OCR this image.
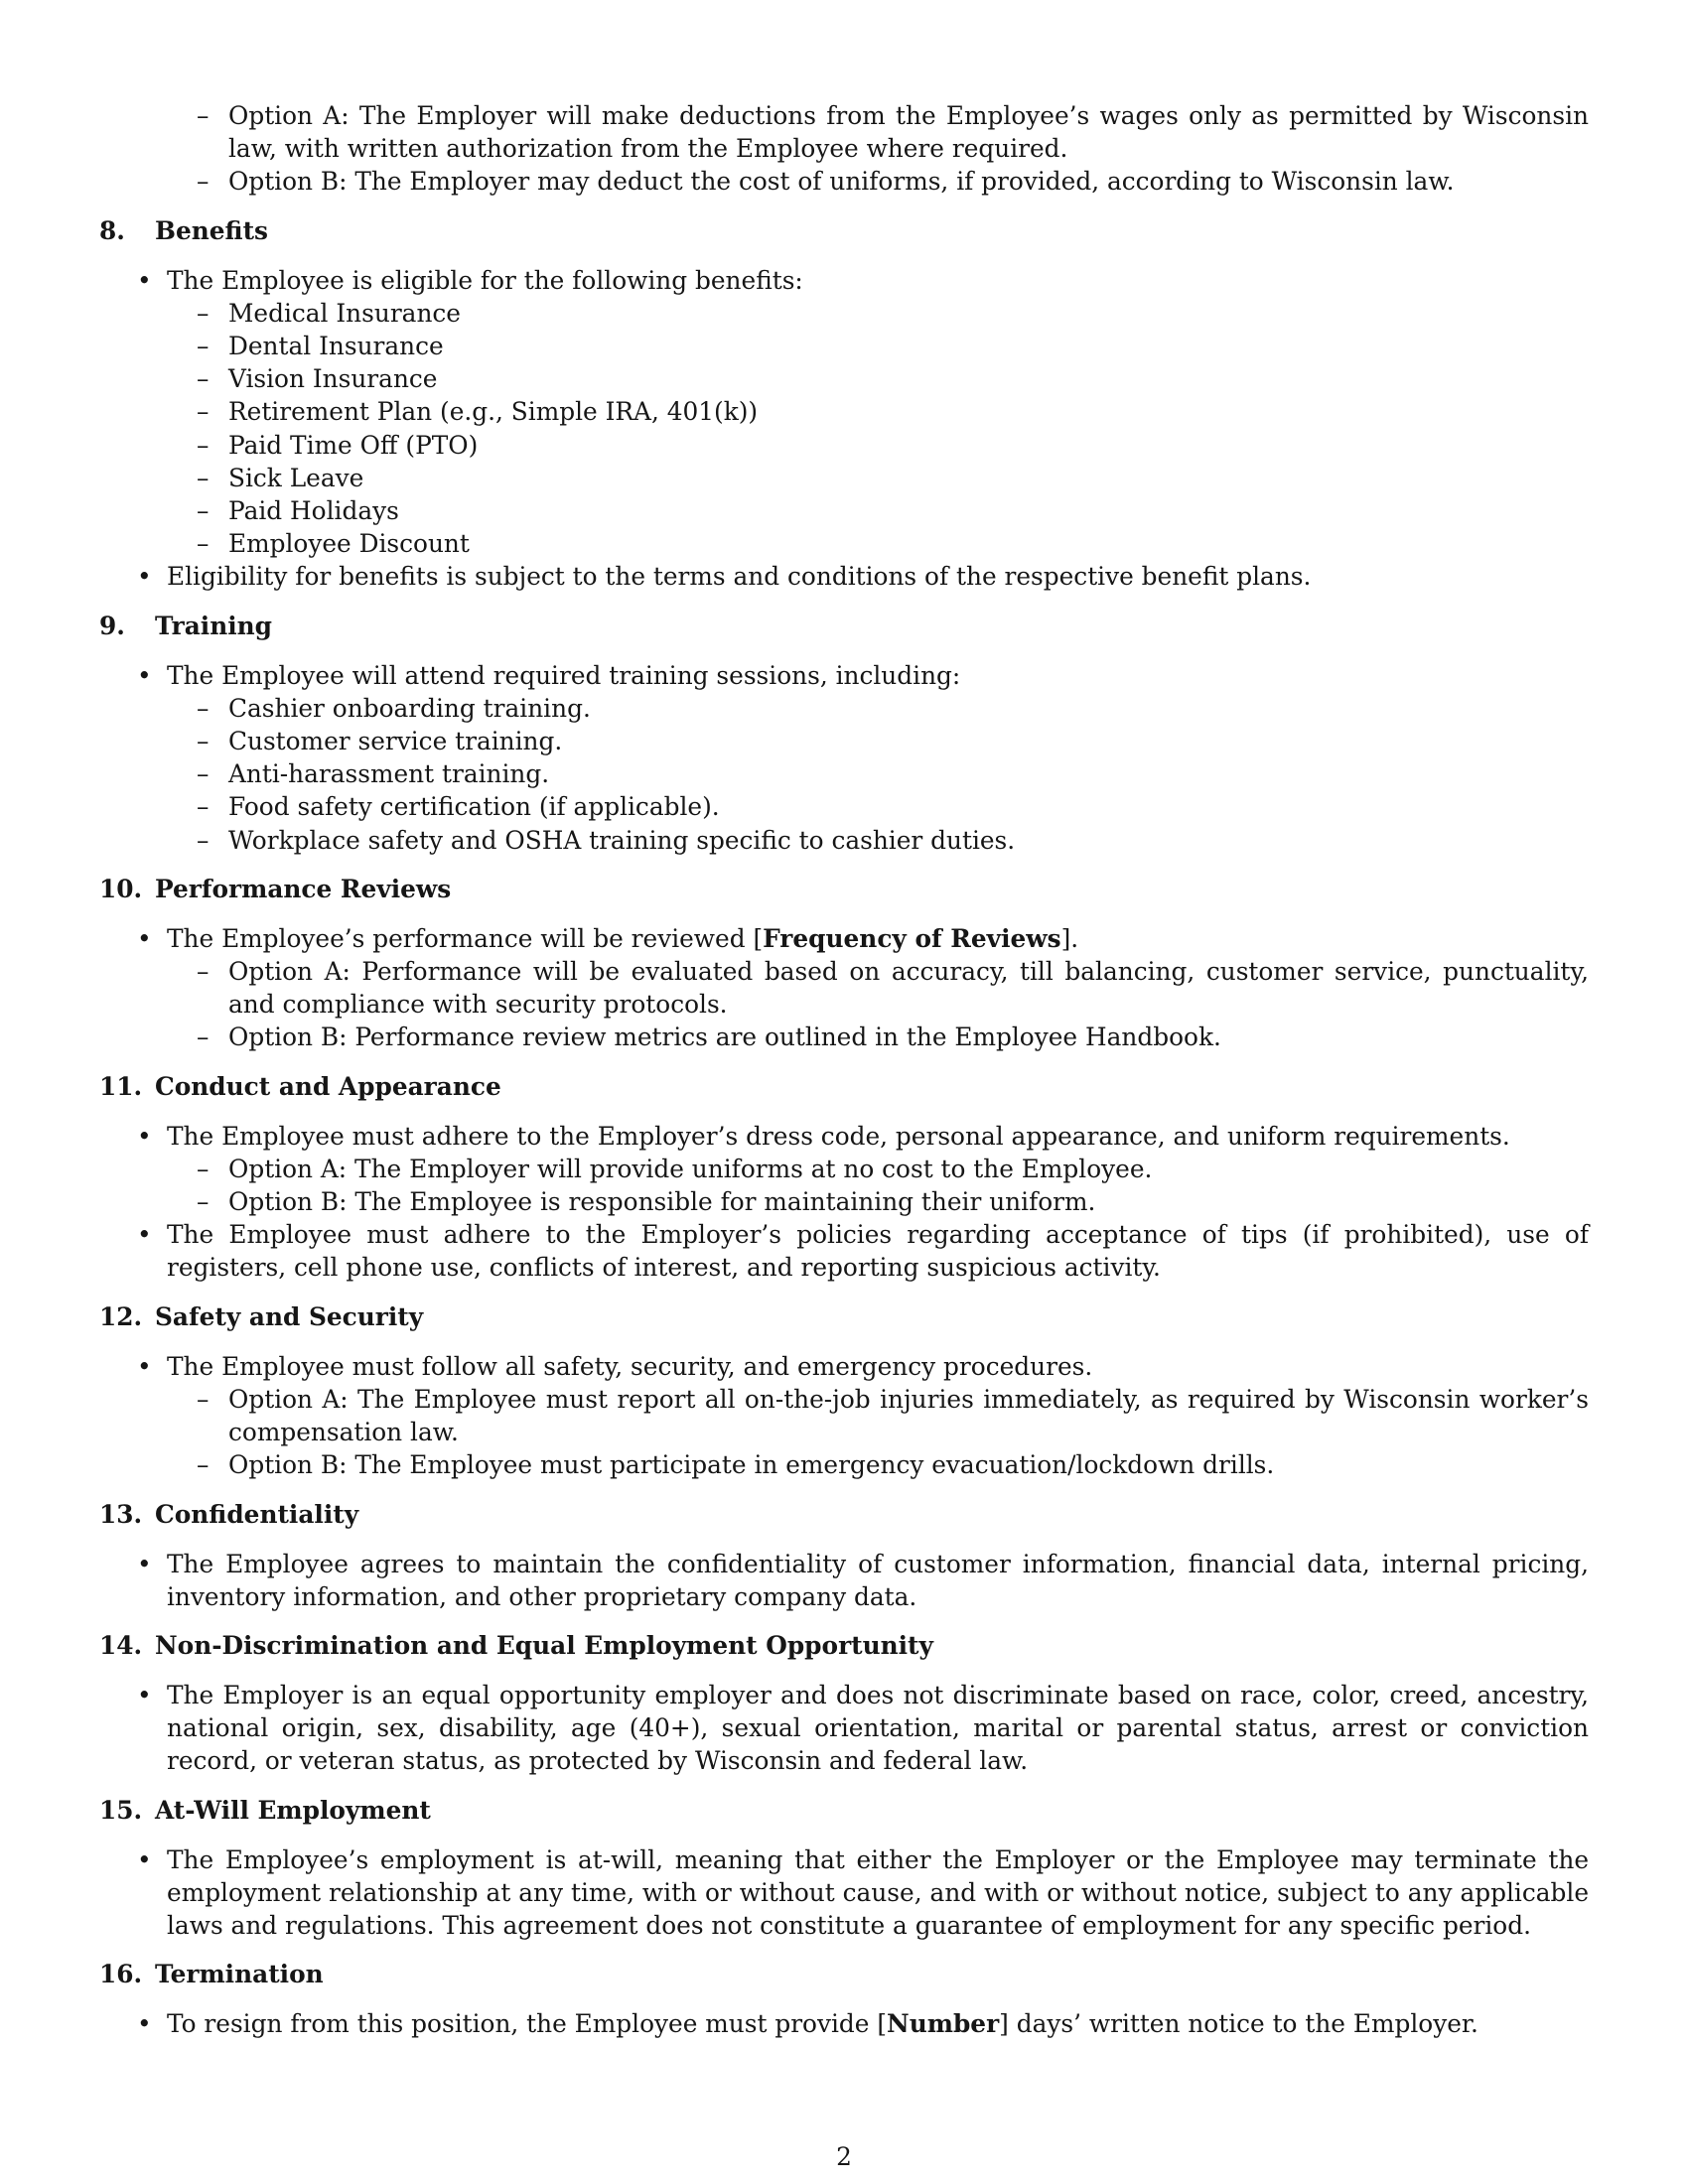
– Option A: The Employer will make deductions from the Employee’s wages only as permitted by Wisconsin law, with written authorization from the Employee where required.
– Option B: The Employer may deduct the cost of uniforms, if provided, according to Wisconsin law.
8. Benefits
• The Employee is eligible for the following benefits:
– Medical Insurance
– Dental Insurance
– Vision Insurance
– Retirement Plan (e.g., Simple IRA, 401(k))
– Paid Time Off (PTO)
– Sick Leave
– Paid Holidays
– Employee Discount
• Eligibility for benefits is subject to the terms and conditions of the respective benefit plans.
9. Training
• The Employee will attend required training sessions, including:
– Cashier onboarding training.
– Customer service training.
– Anti-harassment training.
– Food safety certification (if applicable).
– Workplace safety and OSHA training specific to cashier duties.
10. Performance Reviews
• The Employee’s performance will be reviewed [Frequency of Reviews].
– Option A: Performance will be evaluated based on accuracy, till balancing, customer service, punctuality, and compliance with security protocols.
– Option B: Performance review metrics are outlined in the Employee Handbook.
11. Conduct and Appearance
• The Employee must adhere to the Employer’s dress code, personal appearance, and uniform requirements.
– Option A: The Employer will provide uniforms at no cost to the Employee.
– Option B: The Employee is responsible for maintaining their uniform.
• The Employee must adhere to the Employer’s policies regarding acceptance of tips (if prohibited), use of registers, cell phone use, conflicts of interest, and reporting suspicious activity.
12. Safety and Security
• The Employee must follow all safety, security, and emergency procedures.
– Option A: The Employee must report all on-the-job injuries immediately, as required by Wisconsin worker’s compensation law.
– Option B: The Employee must participate in emergency evacuation/lockdown drills.
13. Confidentiality
• The Employee agrees to maintain the confidentiality of customer information, financial data, internal pricing, inventory information, and other proprietary company data.
14. Non-Discrimination and Equal Employment Opportunity
• The Employer is an equal opportunity employer and does not discriminate based on race, color, creed, ancestry, national origin, sex, disability, age (40+), sexual orientation, marital or parental status, arrest or conviction record, or veteran status, as protected by Wisconsin and federal law.
15. At-Will Employment
• The Employee’s employment is at-will, meaning that either the Employer or the Employee may terminate the employment relationship at any time, with or without cause, and with or without notice, subject to any applicable laws and regulations. This agreement does not constitute a guarantee of employment for any specific period.
16. Termination
• To resign from this position, the Employee must provide [Number] days’ written notice to the Employer.
2
